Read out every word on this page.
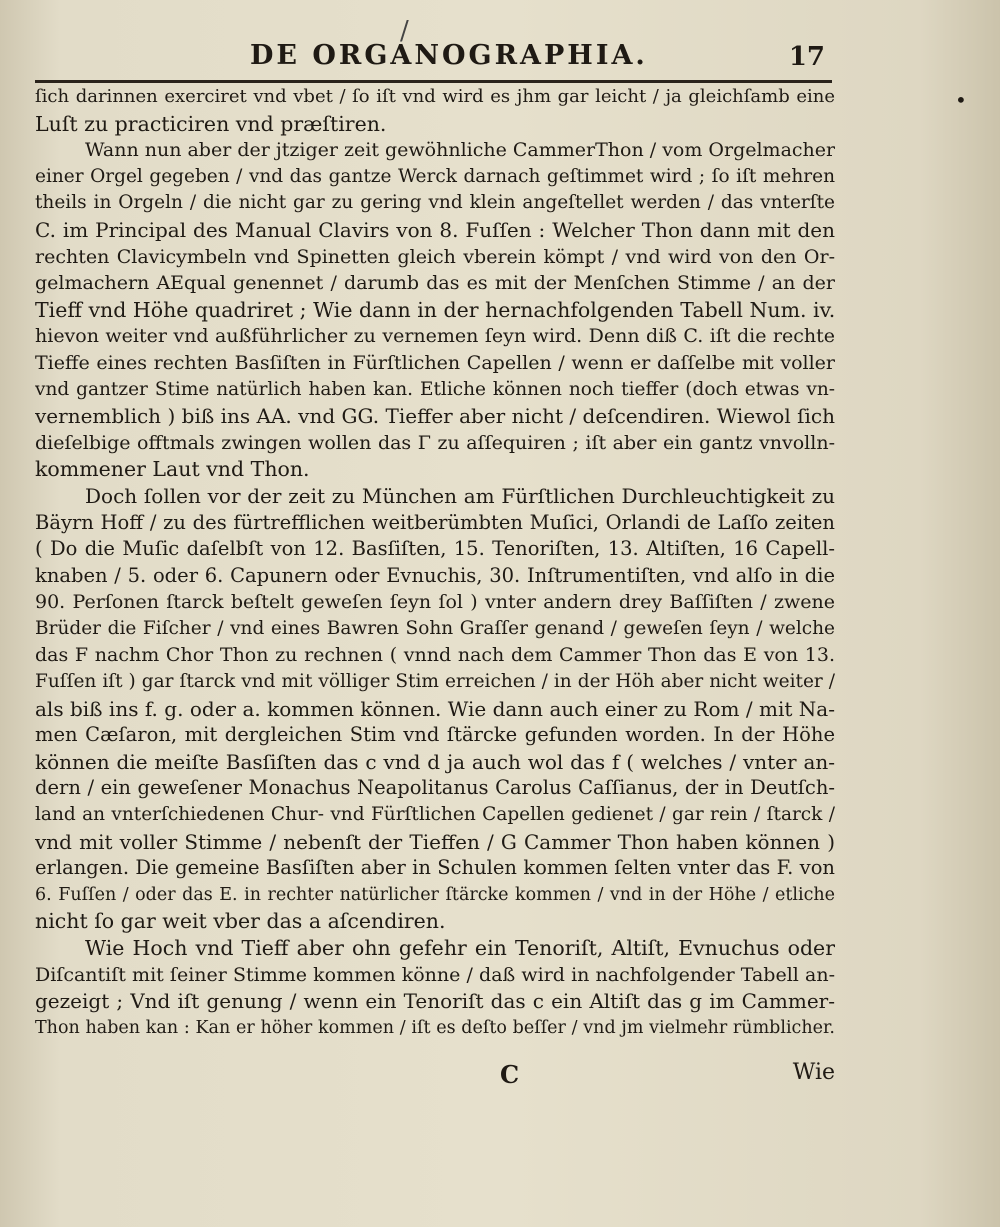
/
DE ORGANOGRAPHIA.	17
•
ſich darinnen exerciret vnd vbet / ſo iſt vnd wird es jhm gar leicht / ja gleichſamb eine
Luſt zu practiciren vnd præſtiren.
Wann nun aber der jtziger zeit gewöhnliche CammerThon / vom Orgelmacher
einer Orgel gegeben / vnd das gantze Werck darnach geſtimmet wird ; ſo iſt mehren
theils in Orgeln / die nicht gar zu gering vnd klein angeſtellet werden / das vnterſte
C. im Principal des Manual Clavirs von 8. Fuſſen : Welcher Thon dann mit den
rechten Clavicymbeln vnd Spinetten gleich vberein kömpt / vnd wird von den Or-
gelmachern AEqual genennet / darumb das es mit der Menſchen Stimme / an der
Tieff vnd Höhe quadriret ; Wie dann in der hernachfolgenden Tabell Num. iv.
hievon weiter vnd außführlicher zu vernemen ſeyn wird. Denn diß C. iſt die rechte
Tieffe eines rechten Basſiſten in Fürſtlichen Capellen / wenn er daſſelbe mit voller
vnd gantzer Stime natürlich haben kan. Etliche können noch tieffer (doch etwas vn-
vernemblich ) biß ins AA. vnd GG. Tieffer aber nicht / deſcendiren. Wiewol ſich
dieſelbige offtmals zwingen wollen das Γ zu aſſequiren ; iſt aber ein gantz vnvolln-
kommener Laut vnd Thon.
Doch ſollen vor der zeit zu München am Fürſtlichen Durchleuchtigkeit zu
Bäyrn Hoff / zu des fürtrefflichen weitberümbten Muſici, Orlandi de Laſſo zeiten
( Do die Muſic daſelbſt von 12. Basſiſten, 15. Tenoriſten, 13. Altiſten, 16 Capell-
knaben / 5. oder 6. Capunern oder Evnuchis, 30. Inſtrumentiſten, vnd alſo in die
90. Perſonen ſtarck beſtelt geweſen ſeyn ſol ) vnter andern drey Baſſiſten / zwene
Brüder die Fiſcher / vnd eines Bawren Sohn Graſſer genand / geweſen ſeyn / welche
das F nachm Chor Thon zu rechnen ( vnnd nach dem Cammer Thon das E von 13.
Fuſſen iſt ) gar ſtarck vnd mit völliger Stim erreichen / in der Höh aber nicht weiter /
als biß ins f. g. oder a. kommen können. Wie dann auch einer zu Rom / mit Na-
men Cæſaron, mit dergleichen Stim vnd ſtärcke gefunden worden. In der Höhe
können die meiſte Basſiſten das c vnd d ja auch wol das f ( welches / vnter an-
dern / ein geweſener Monachus Neapolitanus Carolus Caſſianus, der in Deutſch-
land an vnterſchiedenen Chur- vnd Fürſtlichen Capellen gedienet / gar rein / ſtarck /
vnd mit voller Stimme / nebenſt der Tieffen / G Cammer Thon haben können )
erlangen. Die gemeine Basſiſten aber in Schulen kommen ſelten vnter das F. von
6. Fuſſen / oder das E. in rechter natürlicher ſtärcke kommen / vnd in der Höhe / etliche
nicht ſo gar weit vber das a aſcendiren.
Wie Hoch vnd Tieff aber ohn gefehr ein Tenoriſt, Altiſt, Evnuchus oder
Diſcantiſt mit ſeiner Stimme kommen könne / daß wird in nachfolgender Tabell an-
gezeigt ; Vnd iſt genung / wenn ein Tenoriſt das c ein Altiſt das g im Cammer-
Thon haben kan : Kan er höher kommen / iſt es deſto beſſer / vnd jm vielmehr rümblicher.
C	Wie
